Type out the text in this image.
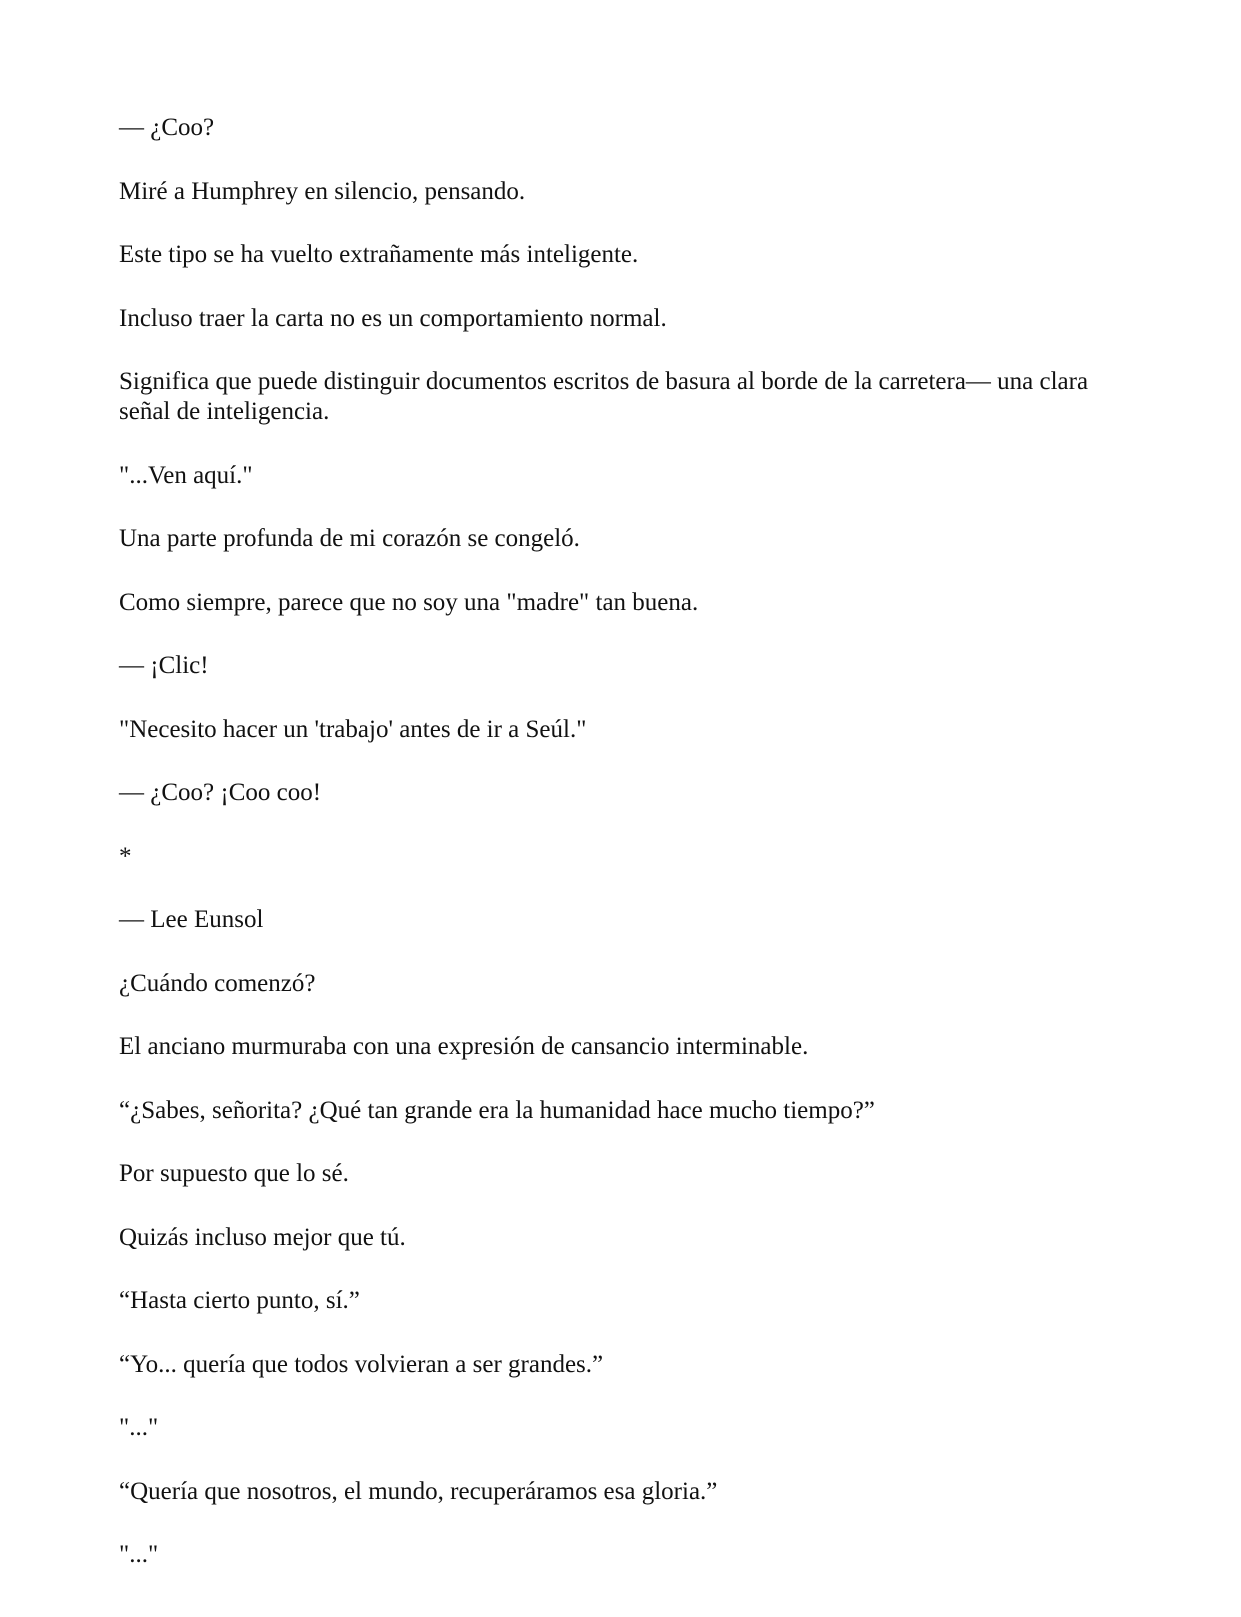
— ¿Coo?

Miré a Humphrey en silencio, pensando.

Este tipo se ha vuelto extrañamente más inteligente.

Incluso traer la carta no es un comportamiento normal.

Significa que puede distinguir documentos escritos de basura al borde de la carretera— una clara señal de inteligencia.

"...Ven aquí."

Una parte profunda de mi corazón se congeló.

Como siempre, parece que no soy una "madre" tan buena.

— ¡Clic!

"Necesito hacer un 'trabajo' antes de ir a Seúl."

— ¿Coo? ¡Coo coo!

*

— Lee Eunsol

¿Cuándo comenzó?

El anciano murmuraba con una expresión de cansancio interminable.

“¿Sabes, señorita? ¿Qué tan grande era la humanidad hace mucho tiempo?”

Por supuesto que lo sé.

Quizás incluso mejor que tú.

“Hasta cierto punto, sí.”

“Yo... quería que todos volvieran a ser grandes.”

"..."

“Quería que nosotros, el mundo, recuperáramos esa gloria.”

"..."
